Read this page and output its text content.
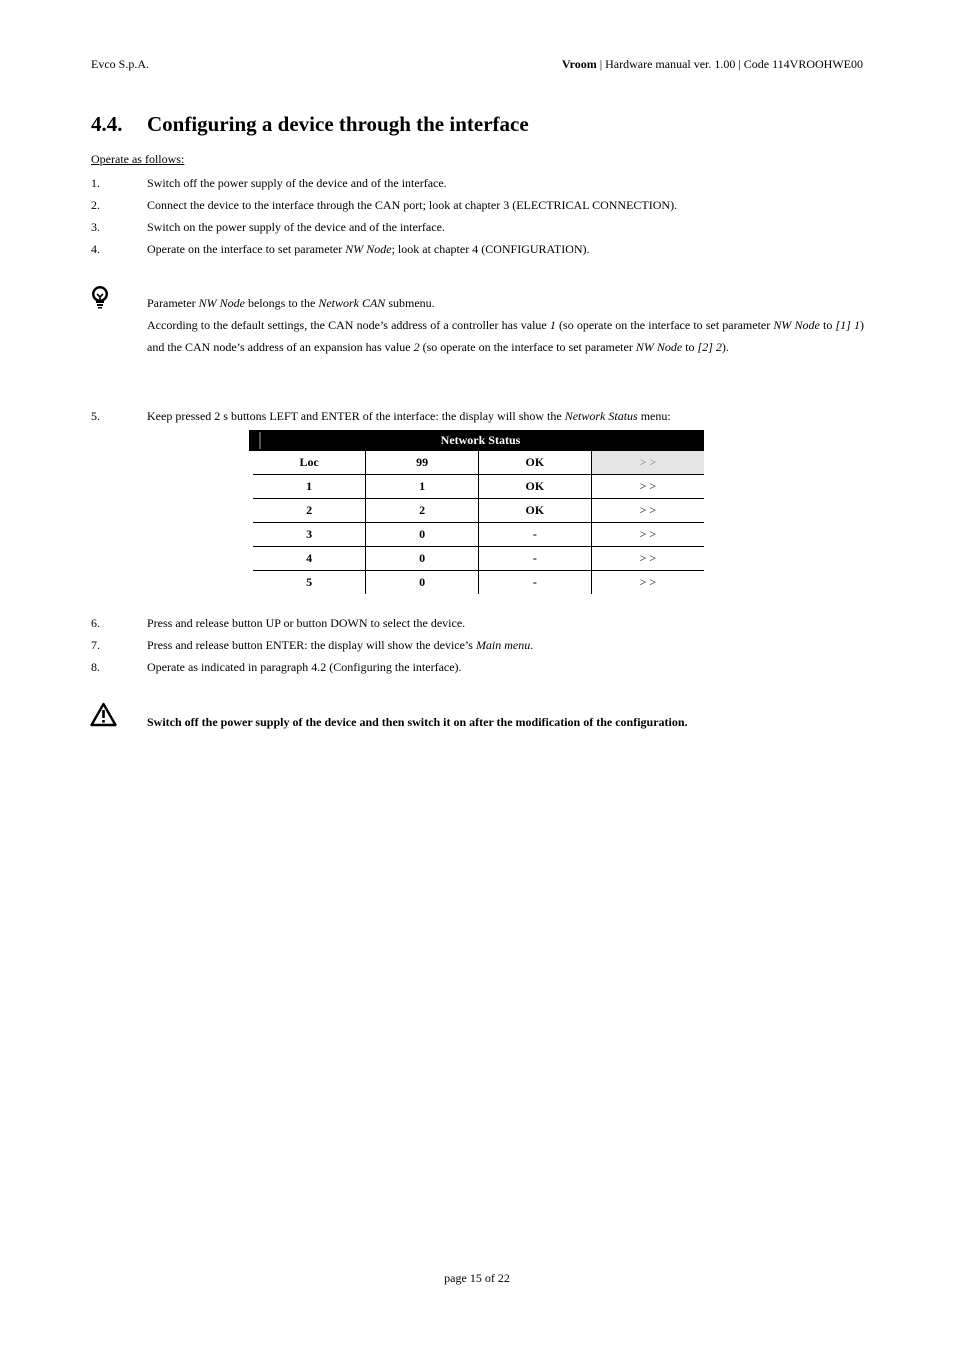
Evco S.p.A.	Vroom | Hardware manual ver. 1.00 | Code 114VROOHWE00
4.4. Configuring a device through the interface
Operate as follows:
1.	Switch off the power supply of the device and of the interface.
2.	Connect the device to the interface through the CAN port; look at chapter 3 (ELECTRICAL CONNECTION).
3.	Switch on the power supply of the device and of the interface.
4.	Operate on the interface to set parameter NW Node; look at chapter 4 (CONFIGURATION).

Parameter NW Node belongs to the Network CAN submenu.

According to the default settings, the CAN node’s address of a controller has value 1 (so operate on the interface to set parameter NW Node to [1] 1) and the CAN node’s address of an expansion has value 2 (so operate on the interface to set parameter NW Node to [2] 2).

5.	Keep pressed 2 s buttons LEFT and ENTER of the interface: the display will show the Network Status menu:
Network Status			
Loc	99	OK	> >
1	1	OK	> >
2	2	OK	> >
3	0	-	> >
4	0	-	> >
5	0	-	> >
6.	Press and release button UP or button DOWN to select the device.
7.	Press and release button ENTER: the display will show the device’s Main menu.
8.	Operate as indicated in paragraph 4.2 (Configuring the interface).
Switch off the power supply of the device and then switch it on after the modification of the configuration.
page 15 of 22
